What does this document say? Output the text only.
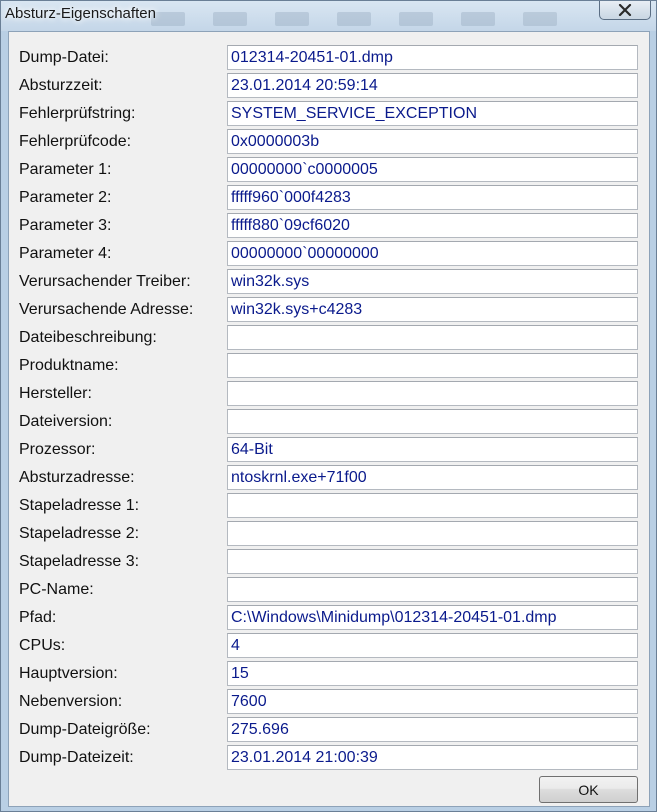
Absturz-Eigenschaften
Dump-Datei:	012314-20451-01.dmp
Absturzzeit:	23.01.2014 20:59:14
Fehlerprüfstring:	SYSTEM_SERVICE_EXCEPTION
Fehlerprüfcode:	0x0000003b
Parameter 1:	00000000`c0000005
Parameter 2:	fffff960`000f4283
Parameter 3:	fffff880`09cf6020
Parameter 4:	00000000`00000000
Verursachender Treiber:	win32k.sys
Verursachende Adresse: win32k.sys+c4283
Dateibeschreibung:
Produktname:
Hersteller:
Dateiversion:
Prozessor:	64-Bit
Absturzadresse:	ntoskrnl.exe+71f00
Stapeladresse 1:
Stapeladresse 2:
Stapeladresse 3:
PC-Name:
Pfad:	C:\Windows\Minidump\012314-20451-01.dmp
CPUs:	4
Hauptversion:	15
Nebenversion:	7600
Dump-Dateigröße:	275.696
Dump-Dateizeit:	23.01.2014 21:00:39
OK
